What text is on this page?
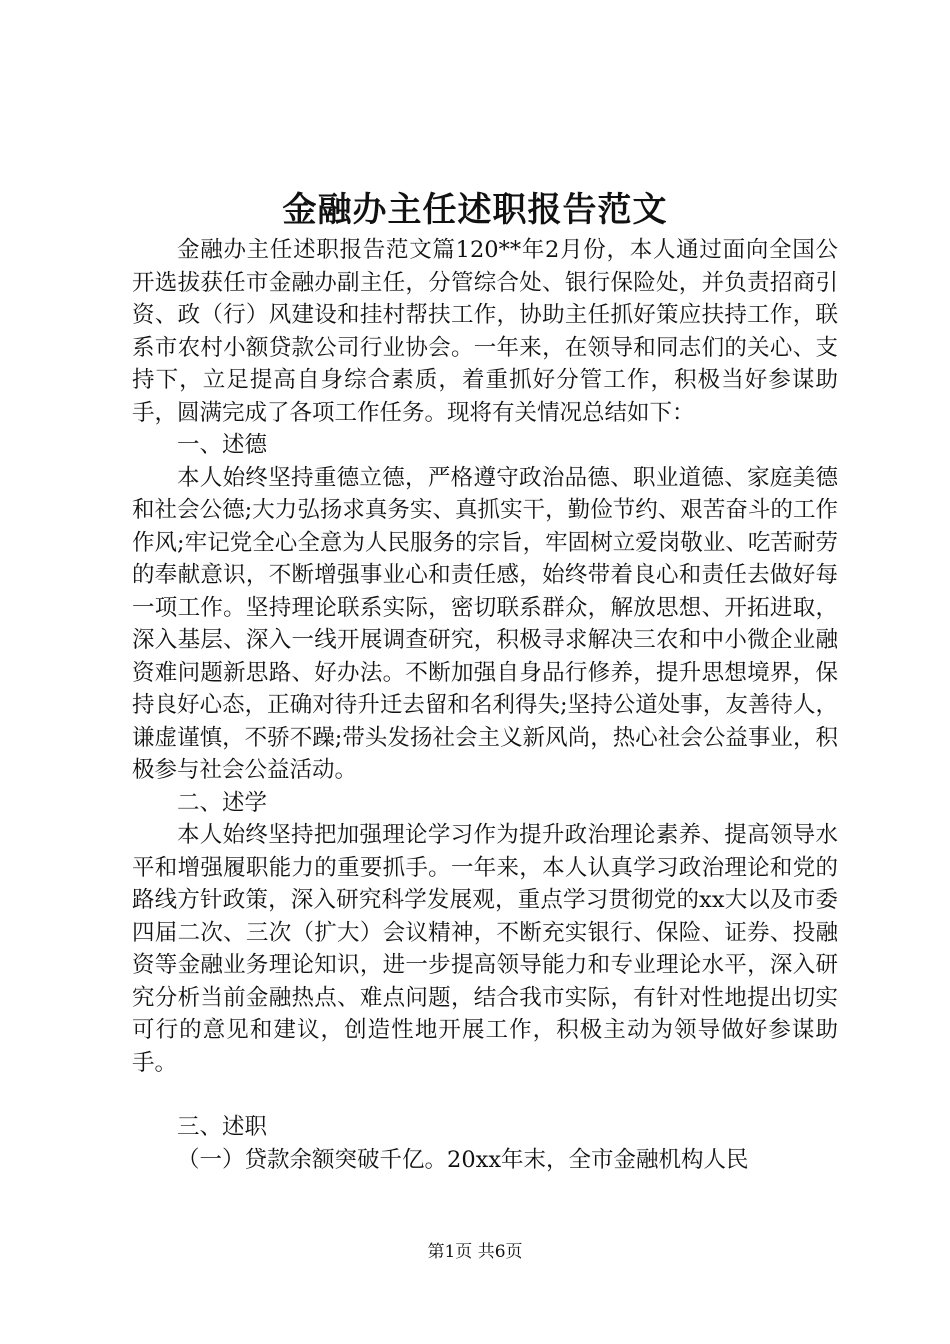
金融办主任述职报告范文

金融办主任述职报告范文篇120**年2月份，本人通过面向全国公开选拔获任市金融办副主任，分管综合处、银行保险处，并负责招商引资、政（行）风建设和挂村帮扶工作，协助主任抓好策应扶持工作，联系市农村小额贷款公司行业协会。一年来，在领导和同志们的关心、支持下，立足提高自身综合素质，着重抓好分管工作，积极当好参谋助手，圆满完成了各项工作任务。现将有关情况总结如下：

一、述德

本人始终坚持重德立德，严格遵守政治品德、职业道德、家庭美德和社会公德;大力弘扬求真务实、真抓实干，勤俭节约、艰苦奋斗的工作作风;牢记党全心全意为人民服务的宗旨，牢固树立爱岗敬业、吃苦耐劳的奉献意识，不断增强事业心和责任感，始终带着良心和责任去做好每一项工作。坚持理论联系实际，密切联系群众，解放思想、开拓进取，深入基层、深入一线开展调查研究，积极寻求解决三农和中小微企业融资难问题新思路、好办法。不断加强自身品行修养，提升思想境界，保持良好心态，正确对待升迁去留和名利得失;坚持公道处事，友善待人，谦虚谨慎，不骄不躁;带头发扬社会主义新风尚，热心社会公益事业，积极参与社会公益活动。

二、述学

本人始终坚持把加强理论学习作为提升政治理论素养、提高领导水平和增强履职能力的重要抓手。一年来，本人认真学习政治理论和党的路线方针政策，深入研究科学发展观，重点学习贯彻党的xx大以及市委四届二次、三次（扩大）会议精神，不断充实银行、保险、证券、投融资等金融业务理论知识，进一步提高领导能力和专业理论水平，深入研究分析当前金融热点、难点问题，结合我市实际，有针对性地提出切实可行的意见和建议，创造性地开展工作，积极主动为领导做好参谋助手。

三、述职

（一）贷款余额突破千亿。20xx年末，全市金融机构人民

第1页 共6页
